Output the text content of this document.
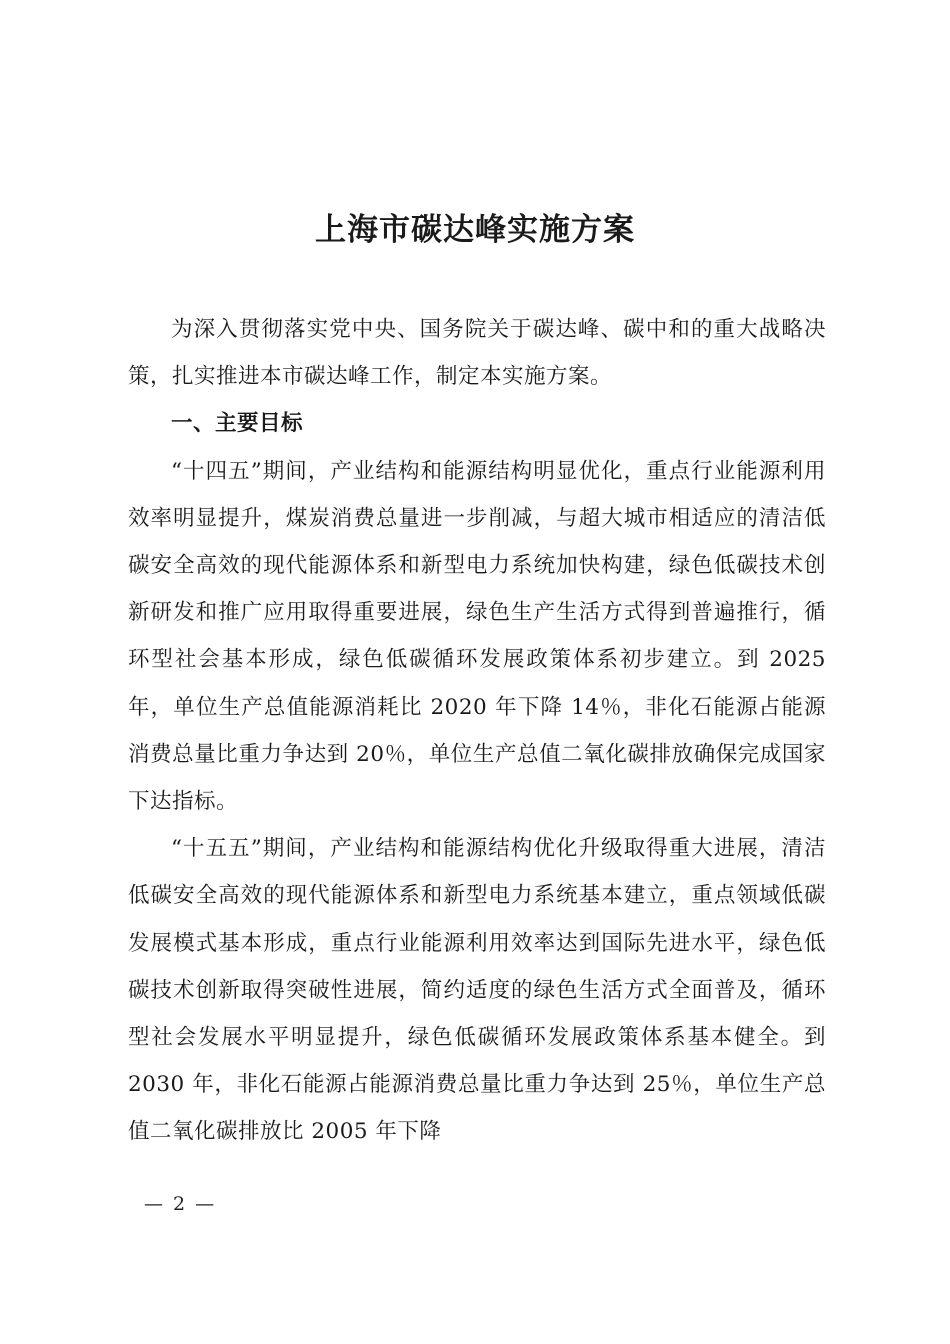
上海市碳达峰实施方案

为深入贯彻落实党中央、国务院关于碳达峰、碳中和的重大战略决策，扎实推进本市碳达峰工作，制定本实施方案。

一、主要目标

“十四五”期间，产业结构和能源结构明显优化，重点行业能源利用效率明显提升，煤炭消费总量进一步削减，与超大城市相适应的清洁低碳安全高效的现代能源体系和新型电力系统加快构建，绿色低碳技术创新研发和推广应用取得重要进展，绿色生产生活方式得到普遍推行，循环型社会基本形成，绿色低碳循环发展政策体系初步建立。到 2025 年，单位生产总值能源消耗比 2020 年下降 14％，非化石能源占能源消费总量比重力争达到 20％，单位生产总值二氧化碳排放确保完成国家下达指标。

“十五五”期间，产业结构和能源结构优化升级取得重大进展，清洁低碳安全高效的现代能源体系和新型电力系统基本建立，重点领域低碳发展模式基本形成，重点行业能源利用效率达到国际先进水平，绿色低碳技术创新取得突破性进展，简约适度的绿色生活方式全面普及，循环型社会发展水平明显提升，绿色低碳循环发展政策体系基本健全。到 2030 年，非化石能源占能源消费总量比重力争达到 25％，单位生产总值二氧化碳排放比 2005 年下降

— 2 —
